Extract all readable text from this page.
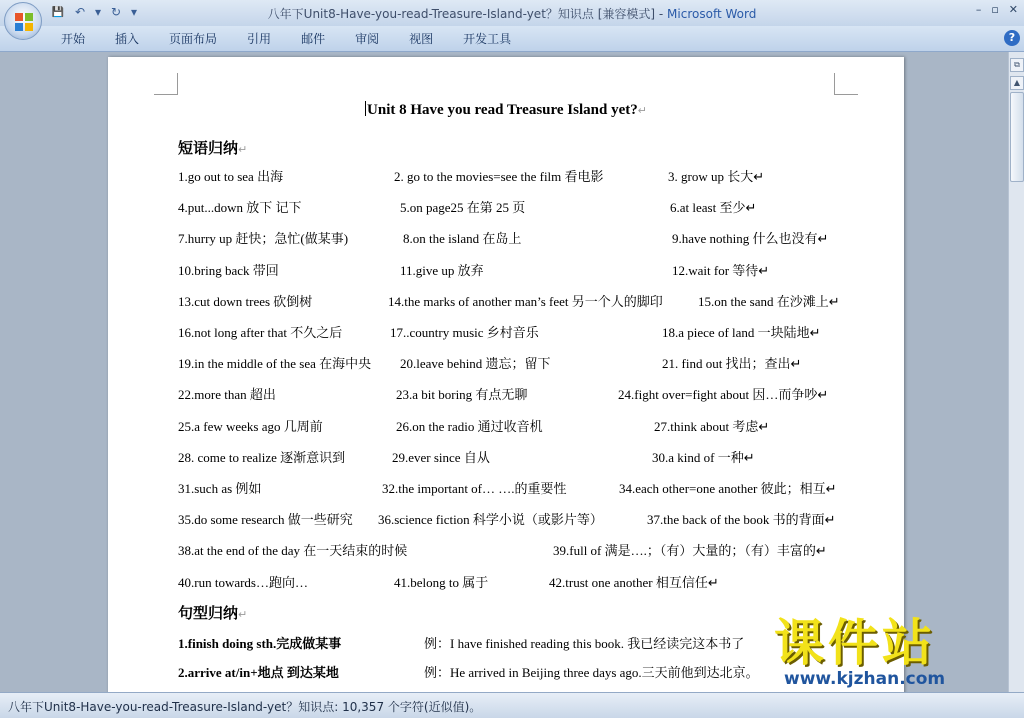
💾 ↶ ▾ ↻ ▾	八年下Unit8-Have-you-read-Treasure-Island-yet？知识点 [兼容模式] - Microsoft Word	– ▫ ✕
开始	插入	页面布局	引用	邮件	审阅	视图	开发工具	?
Unit 8 Have you read Treasure Island yet?↵
短语归纳↵
1.go out to sea 出海	2. go to the movies=see the film 看电影	3. grow up 长大↵
4.put...down 放下 记下	5.on page25 在第 25 页	6.at least 至少↵
7.hurry up 赶快；急忙(做某事)	8.on the island 在岛上	9.have nothing 什么也没有↵
10.bring back 带回	11.give up 放弃	12.wait for 等待↵
13.cut down trees 砍倒树	14.the marks of another man’s feet 另一个人的脚印	15.on the sand 在沙滩上↵
16.not long after that 不久之后	17..country music 乡村音乐	18.a piece of land 一块陆地↵
19.in the middle of the sea 在海中央 20.leave behind 遗忘；留下	21. find out 找出；查出↵
22.more than 超出	23.a bit boring 有点无聊	24.fight over=fight about 因…而争吵↵
25.a few weeks ago 几周前	26.on the radio 通过收音机	27.think about 考虑↵
28. come to realize 逐渐意识到	29.ever since 自从	30.a kind of 一种↵
31.such as 例如	32.the important of… ….的重要性	34.each other=one another 彼此；相互↵
35.do some research 做一些研究 36.science fiction 科学小说（或影片等）	37.the back of the book 书的背面↵
38.at the end of the day 在一天结束的时候	39.full of 满是….；（有）大量的；（有）丰富的↵
40.run towards…跑向…	41.belong to 属于	42.trust one another 相互信任↵
句型归纳↵
1.finish doing sth.完成做某事	例：I have finished reading this book. 我已经读完这本书了
2.arrive at/in+地点 到达某地	例：He arrived in Beijing three days ago.三天前他到达北京。
⧉
▲
八年下Unit8-Have-you-read-Treasure-Island-yet？知识点: 10,357 个字符(近似值)。
课件站
www.kjzhan.com
